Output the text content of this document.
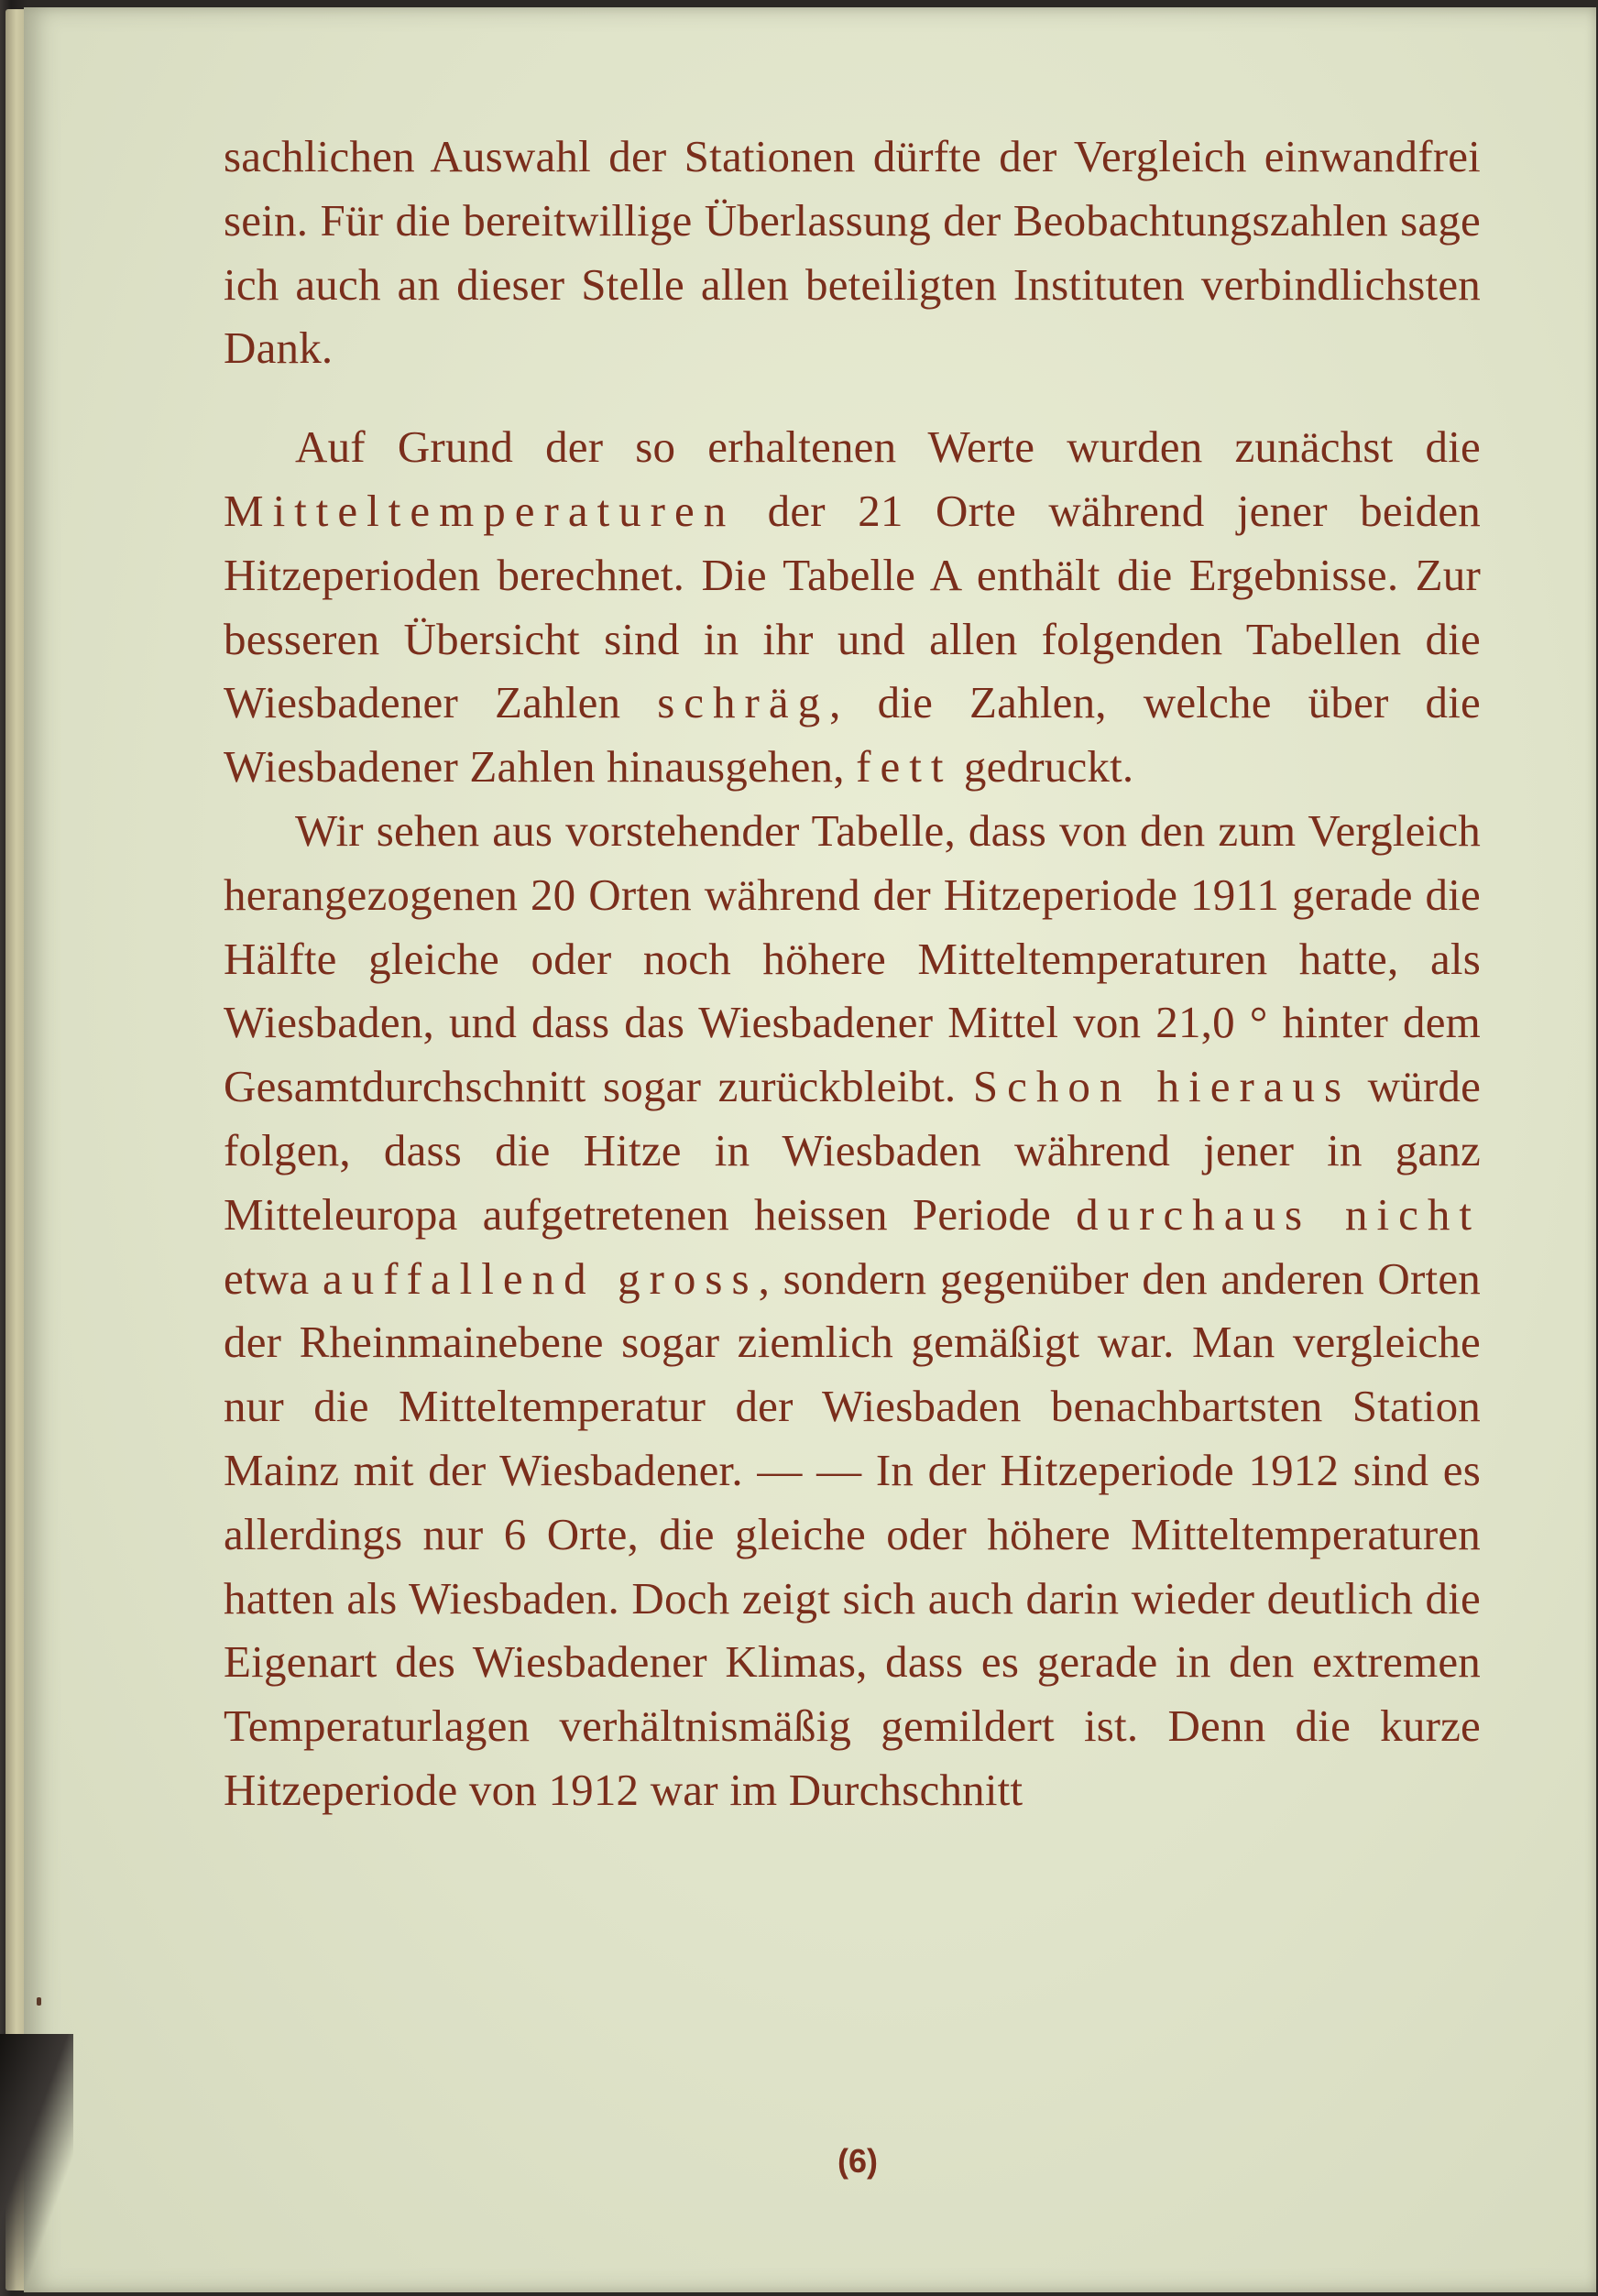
sachlichen Auswahl der Stationen dürfte der Vergleich einwandfrei sein. Für die bereitwillige Überlassung der Beobachtungszahlen sage ich auch an dieser Stelle allen beteiligten Instituten verbindlichsten Dank.

Auf Grund der so erhaltenen Werte wurden zunächst die Mitteltemperaturen der 21 Orte während jener beiden Hitzeperioden berechnet. Die Tabelle A enthält die Ergebnisse. Zur besseren Übersicht sind in ihr und allen folgenden Tabellen die Wiesbadener Zahlen schräg, die Zahlen, welche über die Wiesbadener Zahlen hinausgehen, fett gedruckt.

Wir sehen aus vorstehender Tabelle, dass von den zum Vergleich herangezogenen 20 Orten während der Hitzeperiode 1911 gerade die Hälfte gleiche oder noch höhere Mitteltemperaturen hatte, als Wiesbaden, und dass das Wiesbadener Mittel von 21,0 ° hinter dem Gesamtdurchschnitt sogar zurückbleibt. Schon hieraus würde folgen, dass die Hitze in Wiesbaden während jener in ganz Mitteleuropa aufgetretenen heissen Periode durchaus nicht etwa auffallend gross, sondern gegenüber den anderen Orten der Rheinmainebene sogar ziemlich gemäßigt war. Man vergleiche nur die Mitteltemperatur der Wiesbaden benachbartsten Station Mainz mit der Wiesbadener. — — In der Hitzeperiode 1912 sind es allerdings nur 6 Orte, die gleiche oder höhere Mitteltemperaturen hatten als Wiesbaden. Doch zeigt sich auch darin wieder deutlich die Eigenart des Wiesbadener Klimas, dass es gerade in den extremen Temperaturlagen verhältnismäßig gemildert ist. Denn die kurze Hitzeperiode von 1912 war im Durchschnitt

(6)
